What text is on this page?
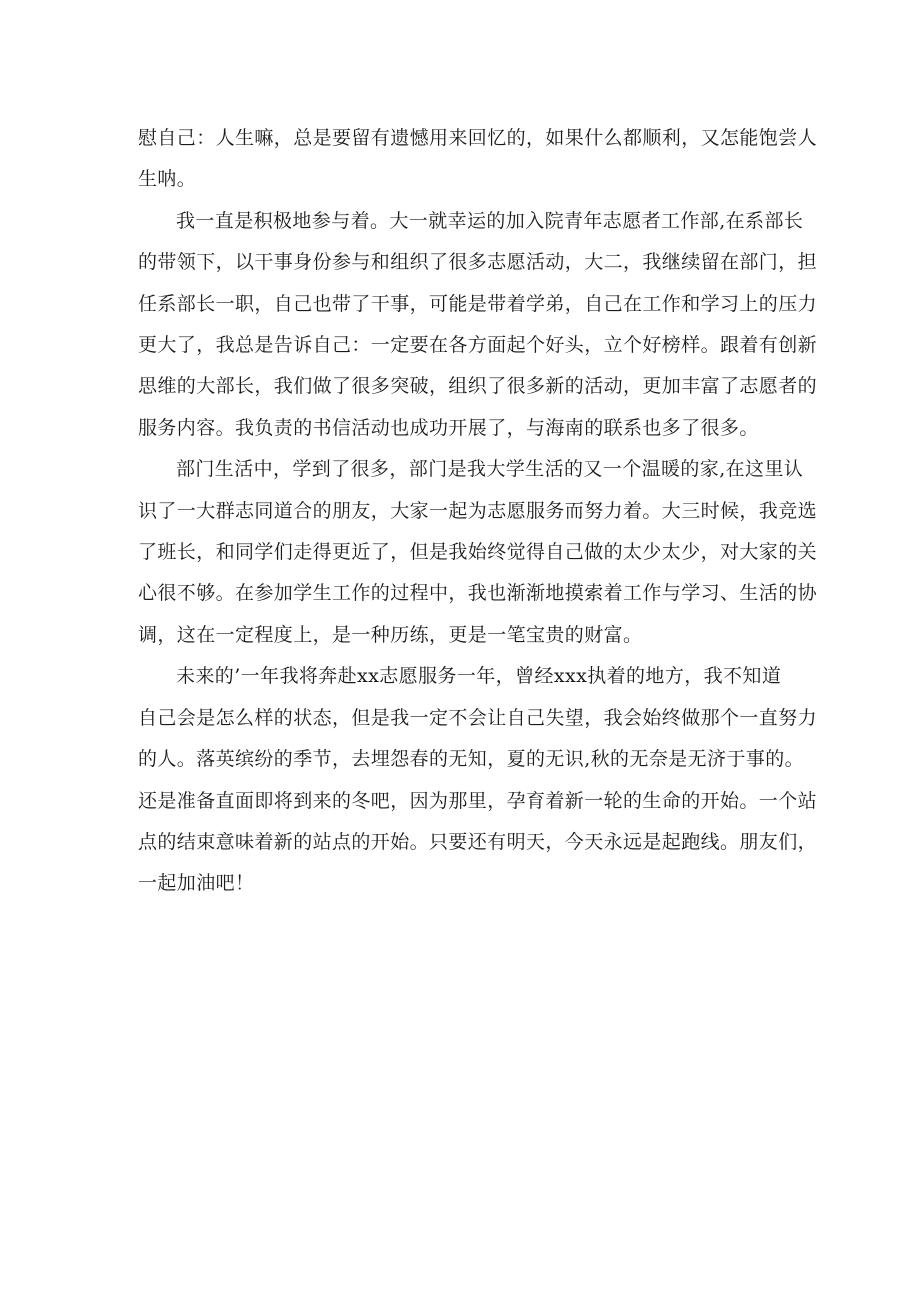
慰自己：人生嘛，总是要留有遗憾用来回忆的，如果什么都顺利，又怎能饱尝人
生呐。

我一直是积极地参与着。大一就幸运的加入院青年志愿者工作部,在系部长
的带领下，以干事身份参与和组织了很多志愿活动，大二，我继续留在部门，担
任系部长一职，自己也带了干事，可能是带着学弟，自己在工作和学习上的压力
更大了，我总是告诉自己：一定要在各方面起个好头，立个好榜样。跟着有创新
思维的大部长，我们做了很多突破，组织了很多新的活动，更加丰富了志愿者的
服务内容。我负责的书信活动也成功开展了，与海南的联系也多了很多。

部门生活中，学到了很多，部门是我大学生活的又一个温暖的家,在这里认
识了一大群志同道合的朋友，大家一起为志愿服务而努力着。大三时候，我竞选
了班长，和同学们走得更近了，但是我始终觉得自己做的太少太少，对大家的关
心很不够。在参加学生工作的过程中，我也渐渐地摸索着工作与学习、生活的协
调，这在一定程度上，是一种历练，更是一笔宝贵的财富。

未来的’一年我将奔赴xx志愿服务一年，曾经xxx执着的地方，我不知道
自己会是怎么样的状态，但是我一定不会让自己失望，我会始终做那个一直努力
的人。落英缤纷的季节，去埋怨春的无知，夏的无识,秋的无奈是无济于事的。
还是准备直面即将到来的冬吧，因为那里，孕育着新一轮的生命的开始。一个站
点的结束意味着新的站点的开始。只要还有明天，今天永远是起跑线。朋友们，
一起加油吧！
